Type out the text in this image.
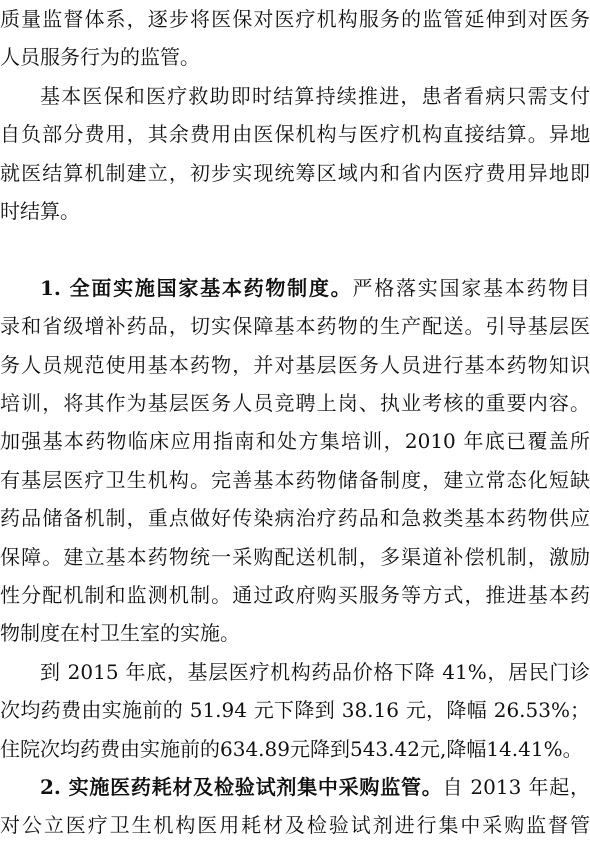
质量监督体系，逐步将医保对医疗机构服务的监管延伸到对医务
人员服务行为的监管。
基本医保和医疗救助即时结算持续推进，患者看病只需支付
自负部分费用，其余费用由医保机构与医疗机构直接结算。异地
就医结算机制建立，初步实现统筹区域内和省内医疗费用异地即
时结算。
1. 全面实施国家基本药物制度。严格落实国家基本药物目
录和省级增补药品，切实保障基本药物的生产配送。引导基层医
务人员规范使用基本药物，并对基层医务人员进行基本药物知识
培训，将其作为基层医务人员竞聘上岗、执业考核的重要内容。
加强基本药物临床应用指南和处方集培训，2010 年底已覆盖所
有基层医疗卫生机构。完善基本药物储备制度，建立常态化短缺
药品储备机制，重点做好传染病治疗药品和急救类基本药物供应
保障。建立基本药物统一采购配送机制，多渠道补偿机制，激励
性分配机制和监测机制。通过政府购买服务等方式，推进基本药
物制度在村卫生室的实施。
到 2015 年底，基层医疗机构药品价格下降 41%，居民门诊
次均药费由实施前的 51.94 元下降到 38.16 元，降幅 26.53%；
住院次均药费由实施前的634.89元降到543.42元,降幅14.41%。
2. 实施医药耗材及检验试剂集中采购监管。自 2013 年起，
对公立医疗卫生机构医用耗材及检验试剂进行集中采购监督管
